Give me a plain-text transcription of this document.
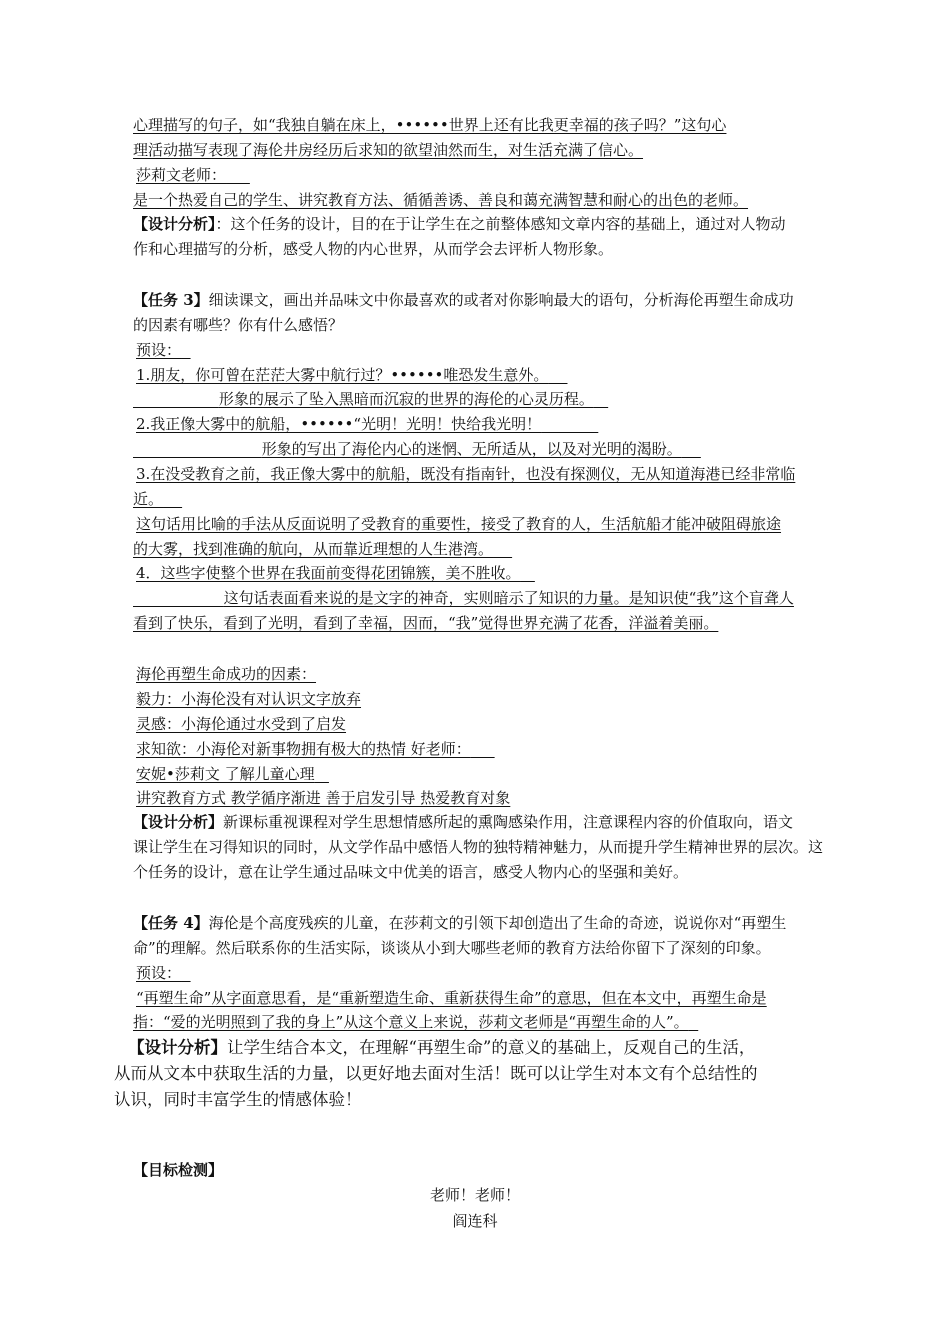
心理描写的句子，如“我独自躺在床上，••••••世界上还有比我更幸福的孩子吗？”这句心
理活动描写表现了海伦井房经历后求知的欲望油然而生，对生活充满了信心。
莎莉文老师：
是一个热爱自己的学生、讲究教育方法、循循善诱、善良和蔼充满智慧和耐心的出色的老师。
【设计分析】：这个任务的设计，目的在于让学生在之前整体感知文章内容的基础上，通过对人物动
作和心理描写的分析，感受人物的内心世界，从而学会去评析人物形象。
【任务 3】细读课文，画出并品味文中你最喜欢的或者对你影响最大的语句，分析海伦再塑生命成功
的因素有哪些？你有什么感悟？
预设：
1.朋友，你可曾在茫茫大雾中航行过？••••••唯恐发生意外。
形象的展示了坠入黑暗而沉寂的世界的海伦的心灵历程。
2.我正像大雾中的航船，••••••“光明！光明！快给我光明！
形象的写出了海伦内心的迷惘、无所适从，以及对光明的渴盼。
3.在没受教育之前，我正像大雾中的航船，既没有指南针，也没有探测仪，无从知道海港已经非常临
近。
这句话用比喻的手法从反面说明了受教育的重要性，接受了教育的人，生活航船才能冲破阻碍旅途
的大雾，找到准确的航向，从而靠近理想的人生港湾。
4．这些字使整个世界在我面前变得花团锦簇，美不胜收。
这句话表面看来说的是文字的神奇，实则暗示了知识的力量。是知识使“我”这个盲聋人
看到了快乐，看到了光明，看到了幸福，因而，“我”觉得世界充满了花香，洋溢着美丽。
海伦再塑生命成功的因素：
毅力：小海伦没有对认识文字放弃
灵感：小海伦通过水受到了启发
求知欲：小海伦对新事物拥有极大的热情 好老师：
安妮•莎莉文 了解儿童心理
讲究教育方式 教学循序渐进 善于启发引导 热爱教育对象
【设计分析】新课标重视课程对学生思想情感所起的熏陶感染作用，注意课程内容的价值取向，语文
课让学生在习得知识的同时，从文学作品中感悟人物的独特精神魅力，从而提升学生精神世界的层次。这
个任务的设计，意在让学生通过品味文中优美的语言，感受人物内心的坚强和美好。
【任务 4】海伦是个高度残疾的儿童，在莎莉文的引领下却创造出了生命的奇迹，说说你对“再塑生
命”的理解。然后联系你的生活实际，谈谈从小到大哪些老师的教育方法给你留下了深刻的印象。
预设：
“再塑生命”从字面意思看，是“重新塑造生命、重新获得生命”的意思，但在本文中，再塑生命是
指：“爱的光明照到了我的身上”从这个意义上来说，莎莉文老师是“再塑生命的人”。
【设计分析】让学生结合本文，在理解“再塑生命”的意义的基础上，反观自己的生活，
从而从文本中获取生活的力量，以更好地去面对生活！既可以让学生对本文有个总结性的
认识，同时丰富学生的情感体验！
【目标检测】
老师！老师！
阎连科
